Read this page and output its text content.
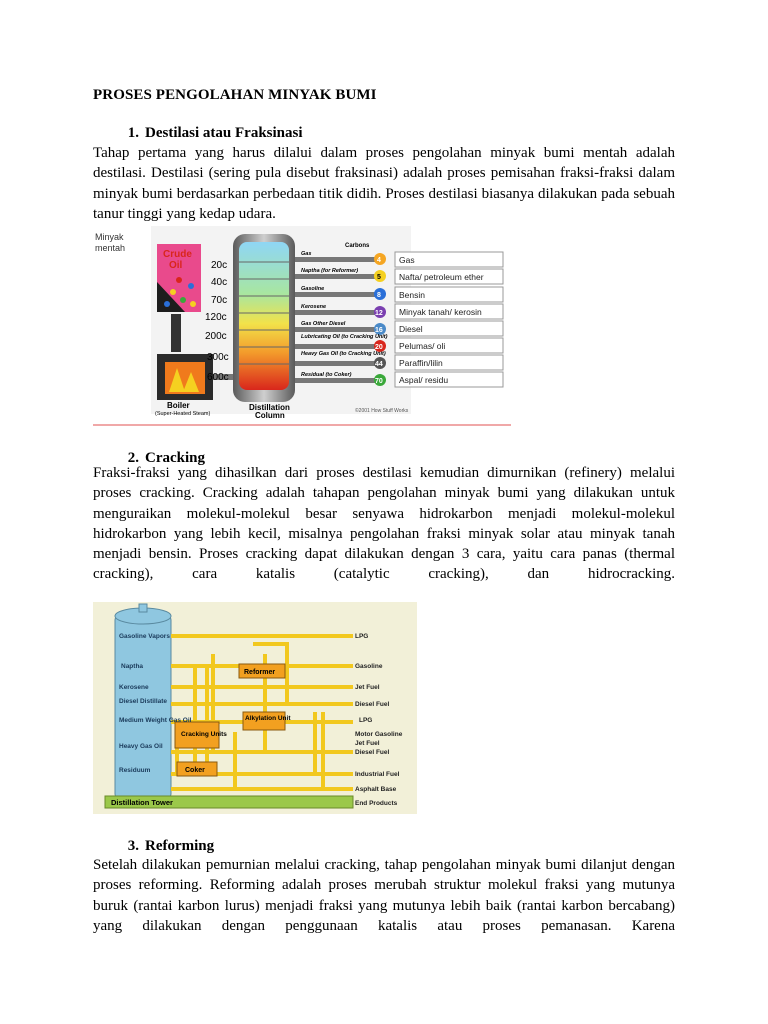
PROSES PENGOLAHAN MINYAK BUMI
1. Destilasi atau Fraksinasi
Tahap pertama yang harus dilalui dalam proses pengolahan minyak bumi mentah adalah destilasi. Destilasi (sering pula disebut fraksinasi) adalah proses pemisahan fraksi-fraksi dalam minyak bumi berdasarkan perbedaan titik didih. Proses destilasi biasanya dilakukan pada sebuah tanur tinggi yang kedap udara.
Minyak mentah
Crude Oil
Boiler
(Super-Heated Steam)
20c
40c
70c
120c
200c
300c
600c
Distillation Column
Carbons
Gas
4
Naptha (for Reformer)
5
Gasoline
8
Kerosene
12
Gas Other Diesel
16
Lubricating Oil (to Cracking Unit)
20
Heavy Gas Oil (to Cracking Unit)
44
Residual (to Coker)
70
Gas
Nafta/ petroleum ether
Bensin
Minyak tanah/ kerosin
Diesel
Pelumas/ oli
Paraffin/lilin
Aspal/ residu
©2001 How Stuff Works
2. Cracking
Fraksi-fraksi yang dihasilkan dari proses destilasi kemudian dimurnikan (refinery) melalui proses cracking. Cracking adalah tahapan pengolahan minyak bumi yang dilakukan untuk menguraikan molekul-molekul besar senyawa hidrokarbon menjadi molekul-molekul hidrokarbon yang lebih kecil, misalnya pengolahan fraksi minyak solar atau minyak tanah menjadi bensin. Proses cracking dapat dilakukan dengan 3 cara, yaitu cara panas (thermal cracking), cara katalis (catalytic cracking), dan hidrocracking.
Distillation Tower
Reformer
Alkylation Unit
Cracking Units
Coker
Gasoline Vapors
Naptha
Kerosene
Diesel Distillate
Medium Weight Gas Oil
Heavy Gas Oil
Residuum
LPG
Gasoline
Jet Fuel
Diesel Fuel
LPG
Motor Gasoline
Jet Fuel
Diesel Fuel
Industrial Fuel
Asphalt Base
End Products
3. Reforming
Setelah dilakukan pemurnian melalui cracking, tahap pengolahan minyak bumi dilanjut dengan proses reforming. Reforming adalah proses merubah struktur molekul fraksi yang mutunya buruk (rantai karbon lurus) menjadi fraksi yang mutunya lebih baik (rantai karbon bercabang) yang dilakukan dengan penggunaan katalis atau proses pemanasan. Karena
